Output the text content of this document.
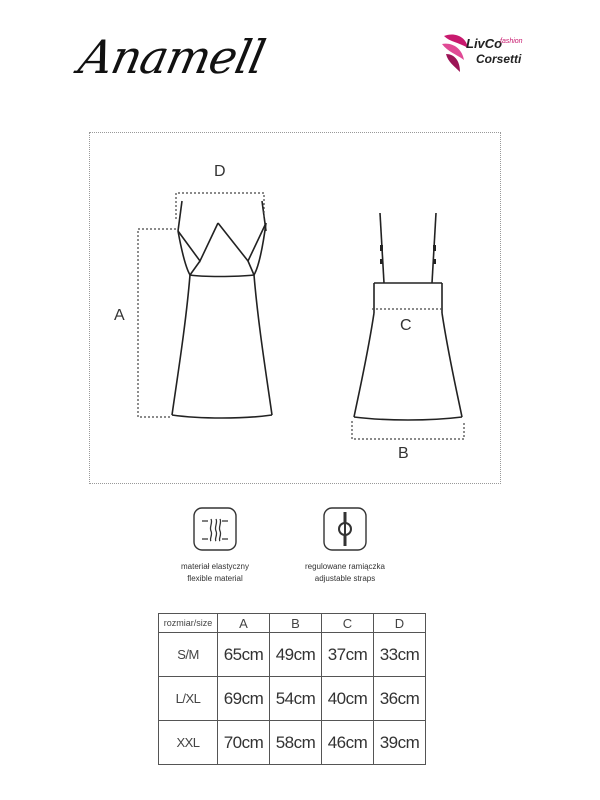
Anamell	LivCo
fashion
Corsetti
D
A
C
B
materiał elastyczny
flexible material
regulowane ramiączka
adjustable straps
rozmiar/size	A	B	C	D
S/M	65cm	49cm	37cm	33cm
L/XL	69cm	54cm	40cm	36cm
XXL	70cm	58cm	46cm	39cm
